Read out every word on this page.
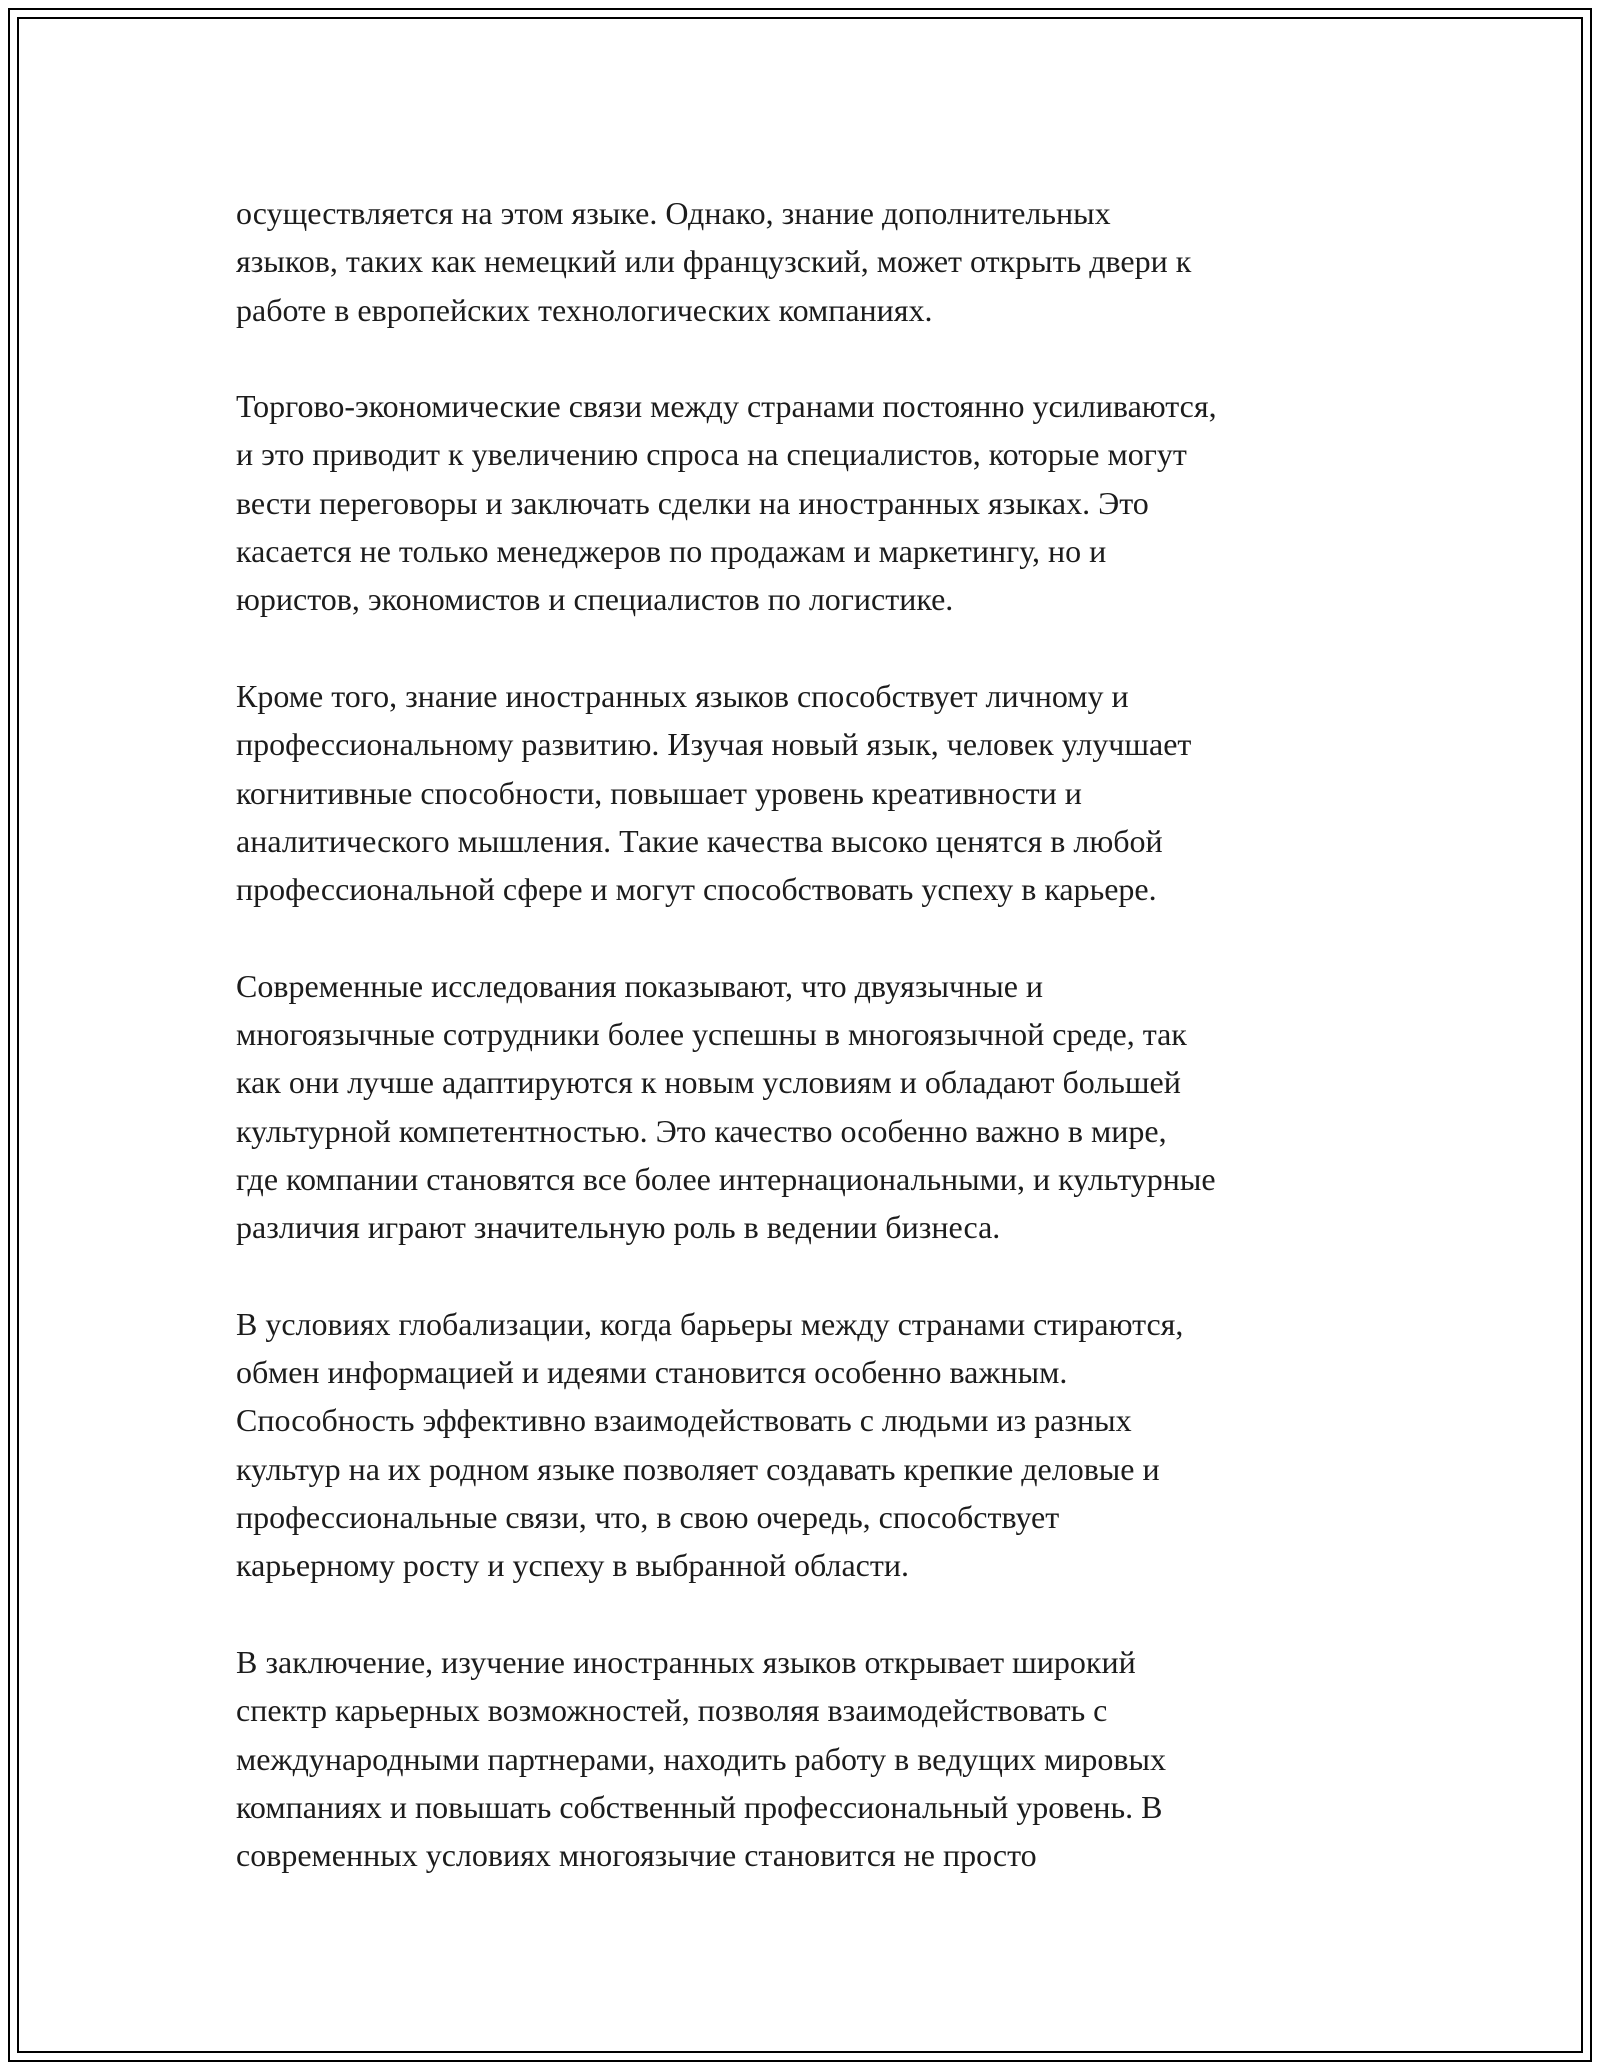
осуществляется на этом языке. Однако, знание дополнительных
языков, таких как немецкий или французский, может открыть двери к
работе в европейских технологических компаниях.

Торгово-экономические связи между странами постоянно усиливаются,
и это приводит к увеличению спроса на специалистов, которые могут
вести переговоры и заключать сделки на иностранных языках. Это
касается не только менеджеров по продажам и маркетингу, но и
юристов, экономистов и специалистов по логистике.

Кроме того, знание иностранных языков способствует личному и
профессиональному развитию. Изучая новый язык, человек улучшает
когнитивные способности, повышает уровень креативности и
аналитического мышления. Такие качества высоко ценятся в любой
профессиональной сфере и могут способствовать успеху в карьере.

Современные исследования показывают, что двуязычные и
многоязычные сотрудники более успешны в многоязычной среде, так
как они лучше адаптируются к новым условиям и обладают большей
культурной компетентностью. Это качество особенно важно в мире,
где компании становятся все более интернациональными, и культурные
различия играют значительную роль в ведении бизнеса.

В условиях глобализации, когда барьеры между странами стираются,
обмен информацией и идеями становится особенно важным.
Способность эффективно взаимодействовать с людьми из разных
культур на их родном языке позволяет создавать крепкие деловые и
профессиональные связи, что, в свою очередь, способствует
карьерному росту и успеху в выбранной области.

В заключение, изучение иностранных языков открывает широкий
спектр карьерных возможностей, позволяя взаимодействовать с
международными партнерами, находить работу в ведущих мировых
компаниях и повышать собственный профессиональный уровень. В
современных условиях многоязычие становится не просто
